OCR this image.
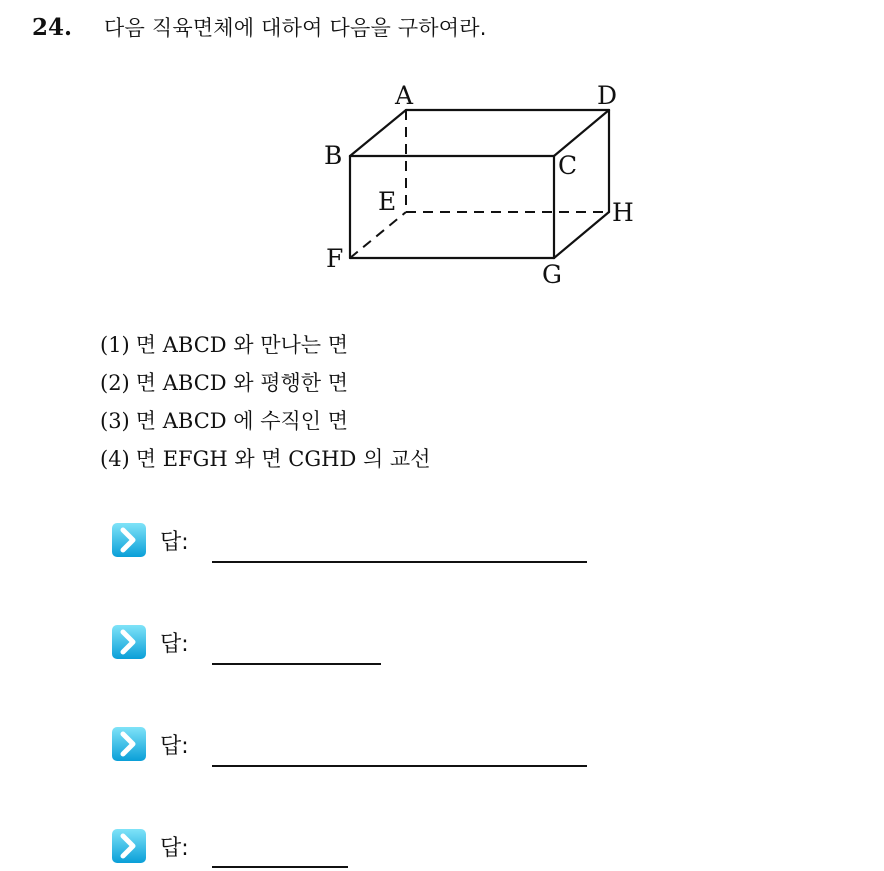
24.	다음 직육면체에 대하여 다음을 구하여라.
A
B	C
D
E
F
G
H
(1) 면 ABCD 와 만나는 면
(2) 면 ABCD 와 평행한 면
(3) 면 ABCD 에 수직인 면
(4) 면 EFGH 와 면 CGHD 의 교선
답:
답:
답:
답:
